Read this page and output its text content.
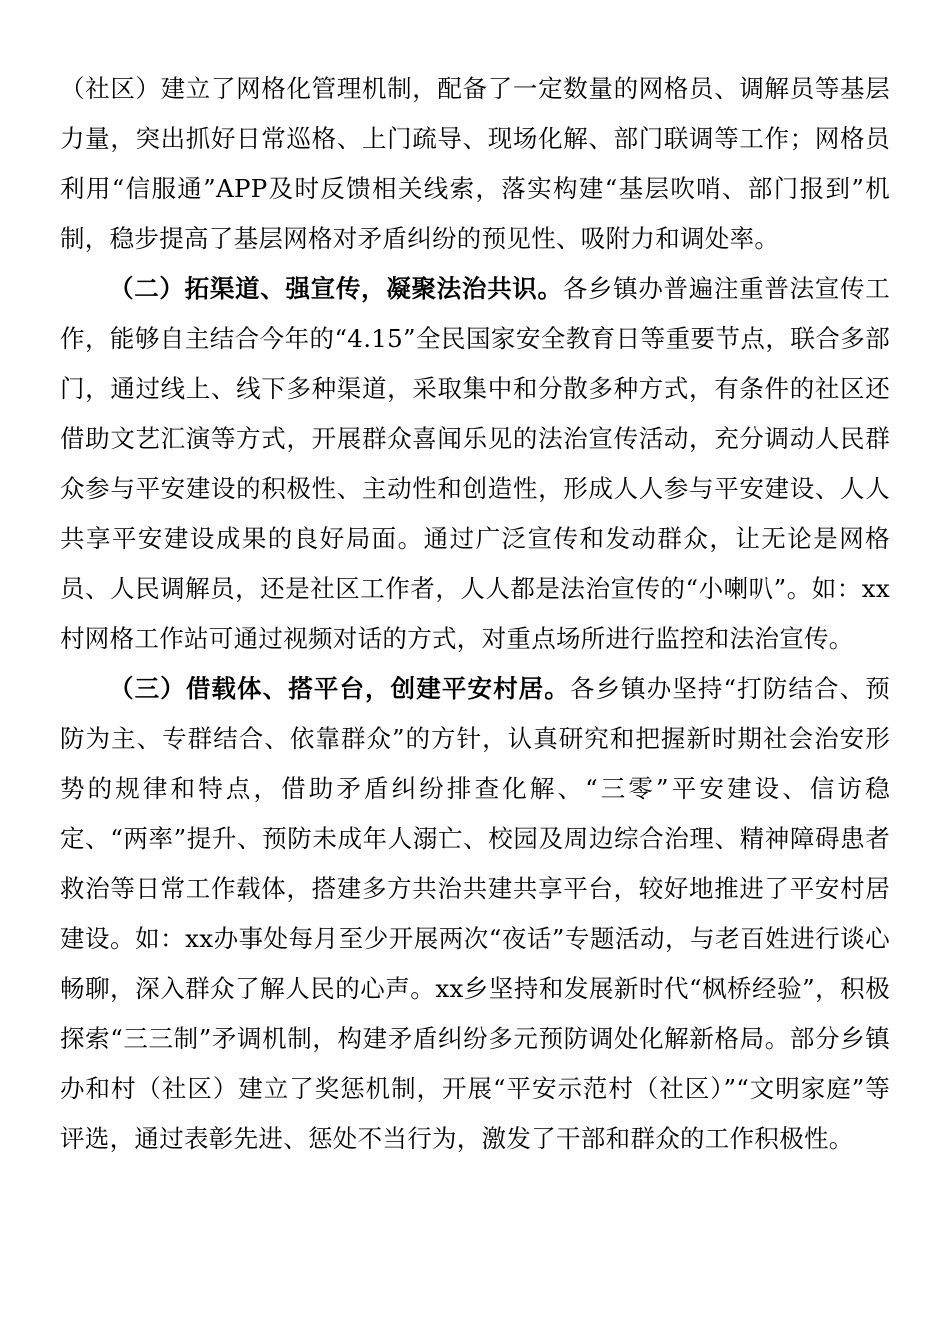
（社区）建立了网格化管理机制，配备了一定数量的网格员、调解员等基层力量，突出抓好日常巡格、上门疏导、现场化解、部门联调等工作；网格员利用“信服通”APP及时反馈相关线索，落实构建“基层吹哨、部门报到”机制，稳步提高了基层网格对矛盾纠纷的预见性、吸附力和调处率。

（二）拓渠道、强宣传，凝聚法治共识。各乡镇办普遍注重普法宣传工作，能够自主结合今年的“4.15”全民国家安全教育日等重要节点，联合多部门，通过线上、线下多种渠道，采取集中和分散多种方式，有条件的社区还借助文艺汇演等方式，开展群众喜闻乐见的法治宣传活动，充分调动人民群众参与平安建设的积极性、主动性和创造性，形成人人参与平安建设、人人共享平安建设成果的良好局面。通过广泛宣传和发动群众，让无论是网格员、人民调解员，还是社区工作者，人人都是法治宣传的“小喇叭”。如：xx村网格工作站可通过视频对话的方式，对重点场所进行监控和法治宣传。

（三）借载体、搭平台，创建平安村居。各乡镇办坚持“打防结合、预防为主、专群结合、依靠群众”的方针，认真研究和把握新时期社会治安形势的规律和特点，借助矛盾纠纷排查化解、“三零”平安建设、信访稳定、“两率”提升、预防未成年人溺亡、校园及周边综合治理、精神障碍患者救治等日常工作载体，搭建多方共治共建共享平台，较好地推进了平安村居建设。如：xx办事处每月至少开展两次“夜话”专题活动，与老百姓进行谈心畅聊，深入群众了解人民的心声。xx乡坚持和发展新时代“枫桥经验”，积极探索“三三制”矛调机制，构建矛盾纠纷多元预防调处化解新格局。部分乡镇办和村（社区）建立了奖惩机制，开展“平安示范村（社区）”“文明家庭”等评选，通过表彰先进、惩处不当行为，激发了干部和群众的工作积极性。
